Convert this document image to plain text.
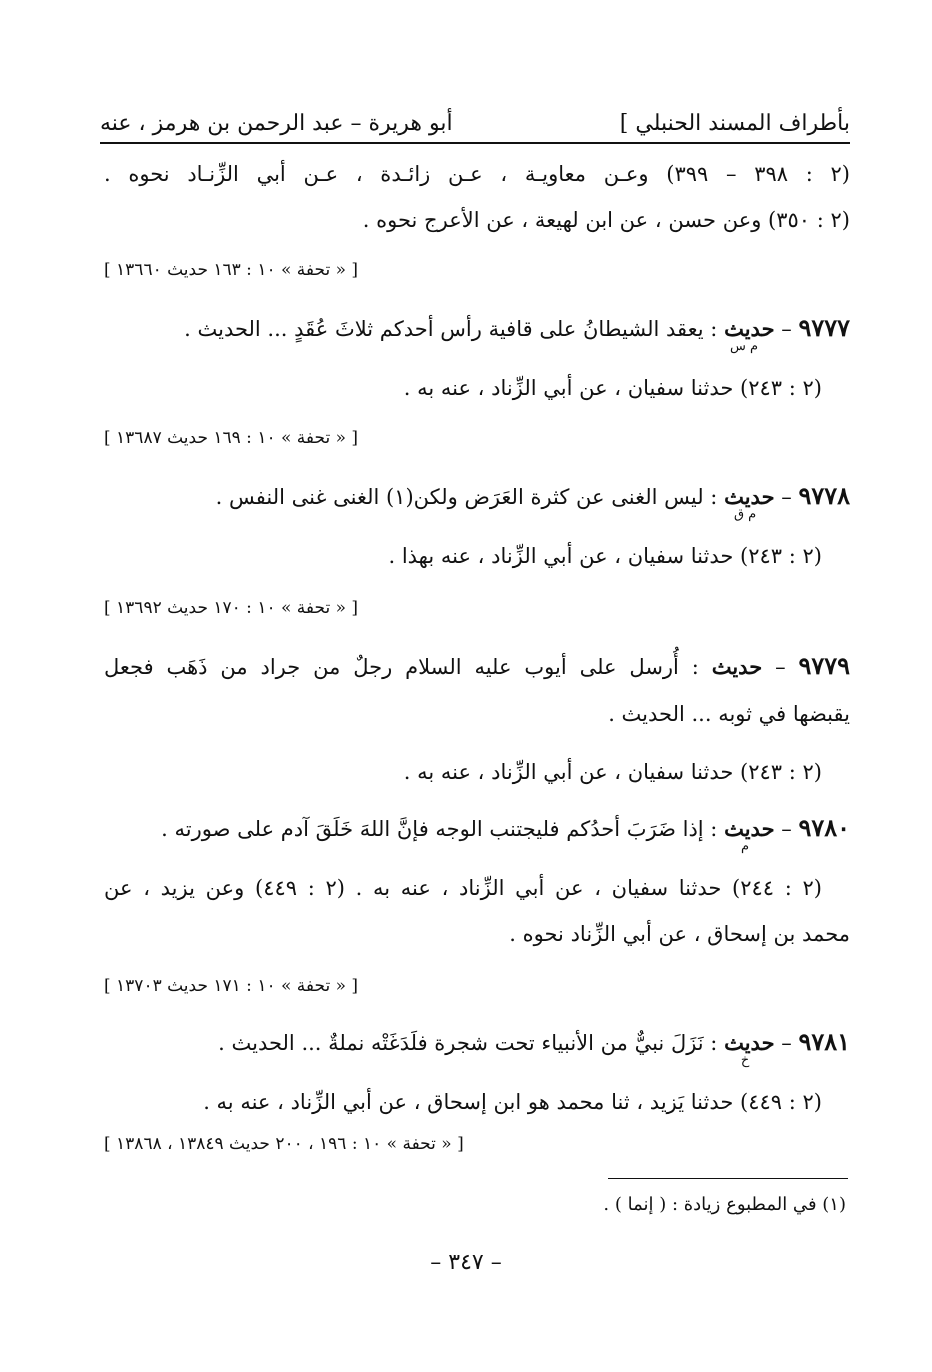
بأطراف المسند الحنبلي ]
أبو هريرة – عبد الرحمن بن هرمز ، عنه
(٢ : ٣٩٨ – ٣٩٩) وعـن معاويـة ، عـن زائـدة ، عـن أبي الزِّنـاد نحوه .
(٢ : ٣٥٠) وعن حسن ، عن ابن لهيعة ، عن الأعرج نحوه .
[ « تحفة » ١٠ : ١٦٣ حديث ١٣٦٦٠ ]
٩٧٧٧ – حديثم س : يعقد الشيطانُ على قافية رأس أحدكم ثلاثَ عُقَدٍ ... الحديث .
(٢ : ٢٤٣) حدثنا سفيان ، عن أبي الزِّناد ، عنه به .
[ « تحفة » ١٠ : ١٦٩ حديث ١٣٦٨٧ ]
٩٧٧٨ – حديثم ق : ليس الغنى عن كثرة العَرَض ولكن(١) الغنى غنى النفس .
(٢ : ٢٤٣) حدثنا سفيان ، عن أبي الزِّناد ، عنه بهذا .
[ « تحفة » ١٠ : ١٧٠ حديث ١٣٦٩٢ ]
٩٧٧٩ – حديث : أُرسل على أيوب عليه السلام رجلٌ من جراد من ذَهَب فجعل
يقبضها في ثوبه ... الحديث .
(٢ : ٢٤٣) حدثنا سفيان ، عن أبي الزِّناد ، عنه به .
٩٧٨٠ – حديثم : إذا ضَرَبَ أحدُكم فليجتنب الوجه فإنَّ اللهَ خَلَقَ آدم على صورته .
(٢ : ٢٤٤) حدثنا سفيان ، عن أبي الزِّناد ، عنه به . (٢ : ٤٤٩) وعن يزيد ، عن
محمد بن إسحاق ، عن أبي الزِّناد نحوه .
[ « تحفة » ١٠ : ١٧١ حديث ١٣٧٠٣ ]
٩٧٨١ – حديثخ : نَزَلَ نبيٌّ من الأنبياء تحت شجرة فلَدَغَتْه نملةٌ ... الحديث .
(٢ : ٤٤٩) حدثنا يَزيد ، ثنا محمد هو ابن إسحاق ، عن أبي الزِّناد ، عنه به .
[ « تحفة » ١٠ : ١٩٦ ، ٢٠٠ حديث ١٣٨٤٩ ، ١٣٨٦٨ ]
(١) في المطبوع زيادة : ( إنما ) .
– ٣٤٧ –
